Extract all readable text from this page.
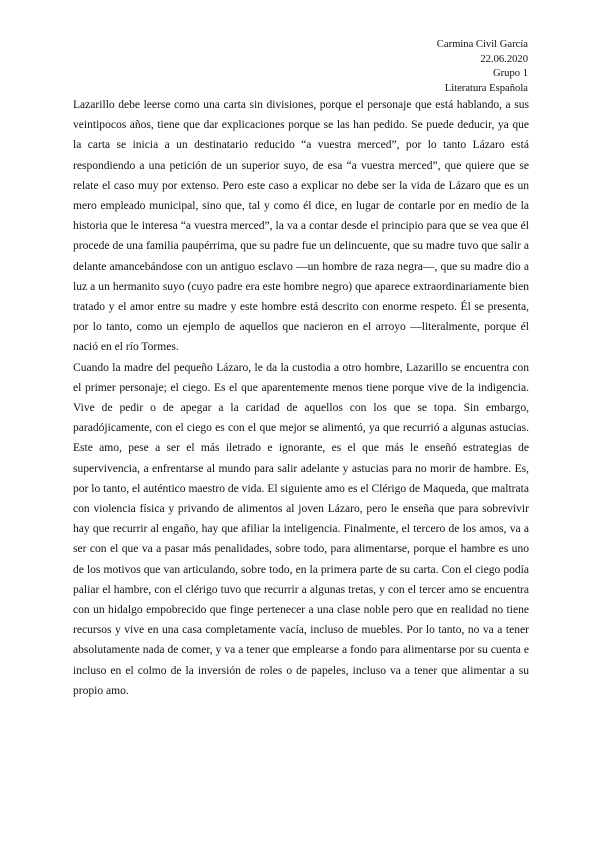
Carmina Civil García
22.06.2020
Grupo 1
Literatura Española

Lazarillo debe leerse como una carta sin divisiones, porque el personaje que está hablando, a sus veintipocos años, tiene que dar explicaciones porque se las han pedido. Se puede deducir, ya que la carta se inicia a un destinatario reducido “a vuestra merced”, por lo tanto Lázaro está respondiendo a una petición de un superior suyo, de esa “a vuestra merced”, que quiere que se relate el caso muy por extenso. Pero este caso a explicar no debe ser la vida de Lázaro que es un mero empleado municipal, sino que, tal y como él dice, en lugar de contarle por en medio de la historia que le interesa “a vuestra merced”, la va a contar desde el principio para que se vea que él procede de una familia paupérrima, que su padre fue un delincuente, que su madre tuvo que salir a delante amancebándose con un antiguo esclavo —un hombre de raza negra—, que su madre dio a luz a un hermanito suyo (cuyo padre era este hombre negro) que aparece extraordinariamente bien tratado y el amor entre su madre y este hombre está descrito con enorme respeto. Él se presenta, por lo tanto, como un ejemplo de aquellos que nacieron en el arroyo —literalmente, porque él nació en el río Tormes.

Cuando la madre del pequeño Lázaro, le da la custodia a otro hombre, Lazarillo se encuentra con el primer personaje; el ciego. Es el que aparentemente menos tiene porque vive de la indigencia. Vive de pedir o de apegar a la caridad de aquellos con los que se topa. Sin embargo, paradójicamente, con el ciego es con el que mejor se alimentó, ya que recurrió a algunas astucias. Este amo, pese a ser el más iletrado e ignorante, es el que más le enseñó estrategias de supervivencia, a enfrentarse al mundo para salir adelante y astucias para no morir de hambre. Es, por lo tanto, el auténtico maestro de vida. El siguiente amo es el Clérigo de Maqueda, que maltrata con violencia física y privando de alimentos al joven Lázaro, pero le enseña que para sobrevivir hay que recurrir al engaño, hay que afiliar la inteligencia. Finalmente, el tercero de los amos, va a ser con el que va a pasar más penalidades, sobre todo, para alimentarse, porque el hambre es uno de los motivos que van articulando, sobre todo, en la primera parte de su carta. Con el ciego podía paliar el hambre, con el clérigo tuvo que recurrir a algunas tretas, y con el tercer amo se encuentra con un hidalgo empobrecido que finge pertenecer a una clase noble pero que en realidad no tiene recursos y vive en una casa completamente vacía, incluso de muebles. Por lo tanto, no va a tener absolutamente nada de comer, y va a tener que emplearse a fondo para alimentarse por su cuenta e incluso en el colmo de la inversión de roles o de papeles, incluso va a tener que alimentar a su propio amo.
